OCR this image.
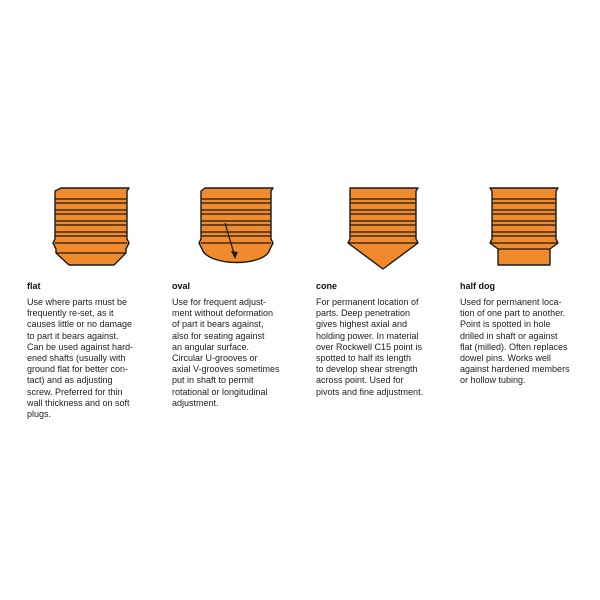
flat

Use where parts must be
frequently re-set, as it
causes little or no damage
to part it bears against.
Can be used against hard-
ened shafts (usually with
ground flat for better con-
tact) and as adjusting
screw. Preferred for thin
wall thickness and on soft
plugs.

oval

Use for frequent adjust-
ment without deformation
of part it bears against,
also for seating against
an angular surface.
Circular U-grooves or
axial V-grooves sometimes
put in shaft to permit
rotational or longitudinal
adjustment.

cone

For permanent location of
parts. Deep penetration
gives highest axial and
holding power. In material
over Rockwell C15 point is
spotted to half its length
to develop shear strength
across point. Used for
pivots and fine adjustment.

half dog

Used for permanent loca-
tion of one part to another.
Point is spotted in hole
drilled in shaft or against
flat (milled). Often replaces
dowel pins. Works well
against hardened members
or hollow tubing.
